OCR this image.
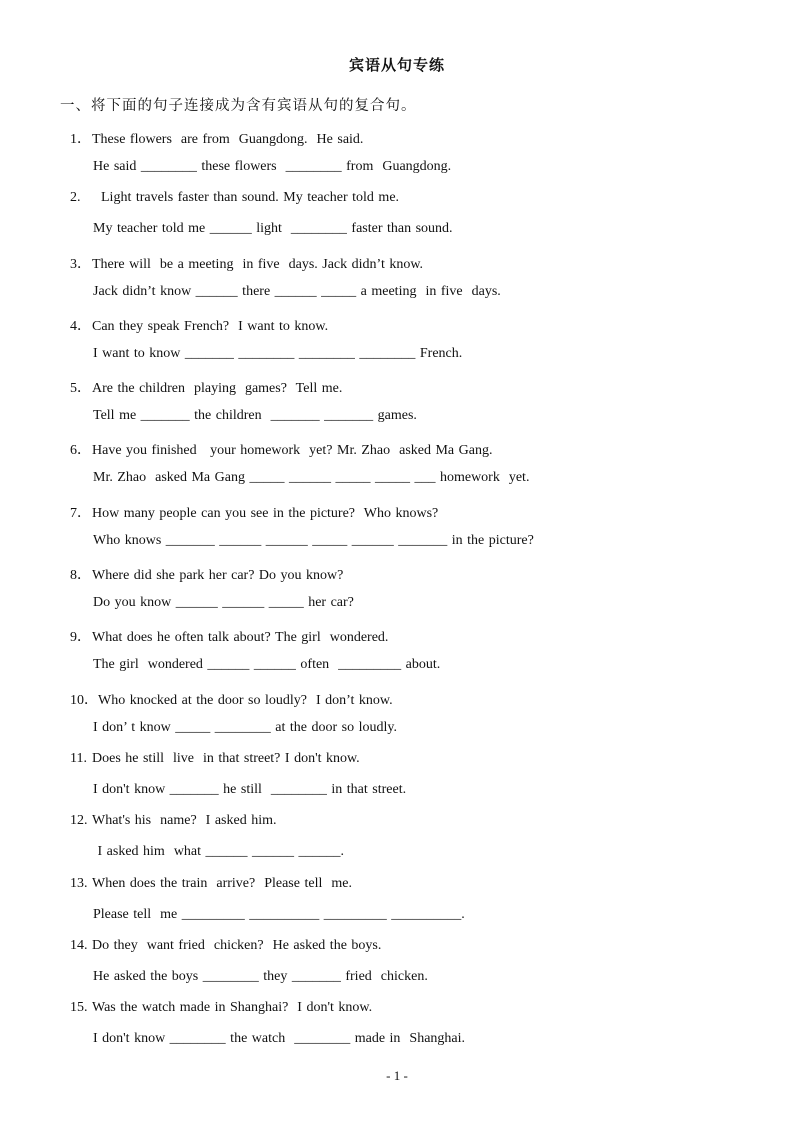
宾语从句专练
一、将下面的句子连接成为含有宾语从句的复合句。
1．These flowers  are from  Guangdong.  He said.
He said ________ these flowers  ________ from  Guangdong.
2.  Light travels faster than sound. My teacher told me.
My teacher told me ______ light  ________ faster than sound.
3．There will  be a meeting  in five  days. Jack didn’t know.
Jack didn’t know ______ there ______ _____ a meeting  in five  days.
4．Can they speak French?  I want to know.
I want to know _______ ________ ________ ________ French.
5．Are the children  playing  games?  Tell me.
Tell me _______ the children  _______ _______ games.
6．Have you finished   your homework  yet? Mr. Zhao  asked Ma Gang.
Mr. Zhao  asked Ma Gang _____ ______ _____ _____ ___ homework  yet.
7．How many people can you see in the picture?  Who knows?
Who knows _______ ______ ______ _____ ______ _______ in the picture?
8．Where did she park her car? Do you know?
Do you know ______ ______ _____ her car?
9．What does he often talk about? The girl  wondered.
The girl  wondered ______ ______ often  _________ about.
10．Who knocked at the door so loudly?  I don’t know.
I don’ t know _____ ________ at the door so loudly.
11. Does he still  live  in that street? I don't know.
I don't know _______ he still  ________ in that street.
12. What's his  name?  I asked him.
I asked him  what ______ ______ ______.
13. When does the train  arrive?  Please tell  me.
Please tell  me _________ __________ _________ __________.
14. Do they  want fried  chicken?  He asked the boys.
He asked the boys ________ they _______ fried  chicken.
15. Was the watch made in Shanghai?  I don't know.
I don't know ________ the watch  ________ made in  Shanghai.
- 1 -
